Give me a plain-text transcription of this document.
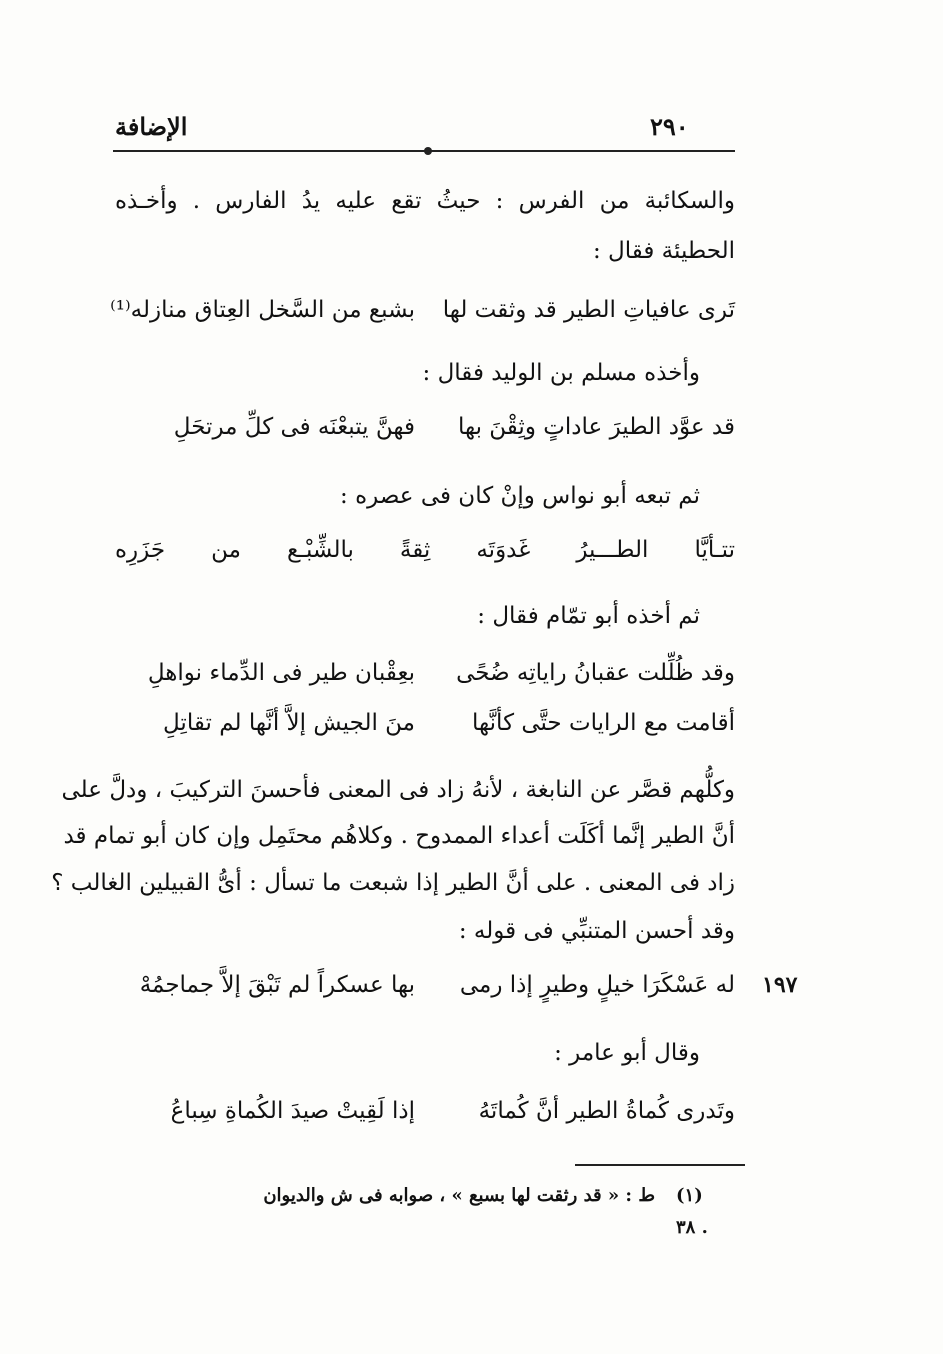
٢٩٠
الإضافة
والسكائبة من الفرس : حيثُ تقع عليه يدُ الفارس . وأخـذه
الحطيئة فقال :
تَرى عافياتِ الطير قد وثقت لها
بشبع من السَّخل العِتاق منازله⁽¹⁾
وأخذه مسلم بن الوليد فقال :
قد عوَّد الطيرَ عاداتٍ وثِقْنَ بها
فهنَّ يتبعْنَه فى كلِّ مرتحَلِ
ثم تبعه أبو نواس وإنْ كان فى عصره :
تتـأيَّا الطـــيرُ غَدوَتَه ثِقةً بالشِّبْـع من جَزَرِه
ثم أخذه أبو تمّام فقال :
وقد ظُلِّلت عقبانُ راياتِه ضُحًى
بعِقْبان طير فى الدِّماء نواهلِ
أقامت مع الرايات حتَّى كأنَّها
منَ الجيش إلاَّ أنَّها لم تقاتِلِ
وكلُّهم قصَّر عن النابغة ، لأنهُ زاد فى المعنى فأحسنَ التركيبَ ، ودلَّ على
أنَّ الطير إنَّما أكَلَت أعداء الممدوح . وكلاهُم محتَمِل وإن كان أبو تمام قد
زاد فى المعنى . على أنَّ الطير إذا شبعت ما تسأل : أىُّ القبيلين الغالب ؟
وقد أحسن المتنبِّي فى قوله :
١٩٧
له عَسْكَرَا خيلٍ وطيرٍ إذا رمى
بها عسكراً لم تَبْقَ إلاَّ جماجمُهْ
وقال أبو عامر :
وتَدرى كُماةُ الطير أنَّ كُماتَهُ
إذا لَقِيتْ صيدَ الكُماةِ سِباعُ
(١)
ط : « قد رثقت لها بسبع » ، صوابه فى ش والديوان
. ٣٨
